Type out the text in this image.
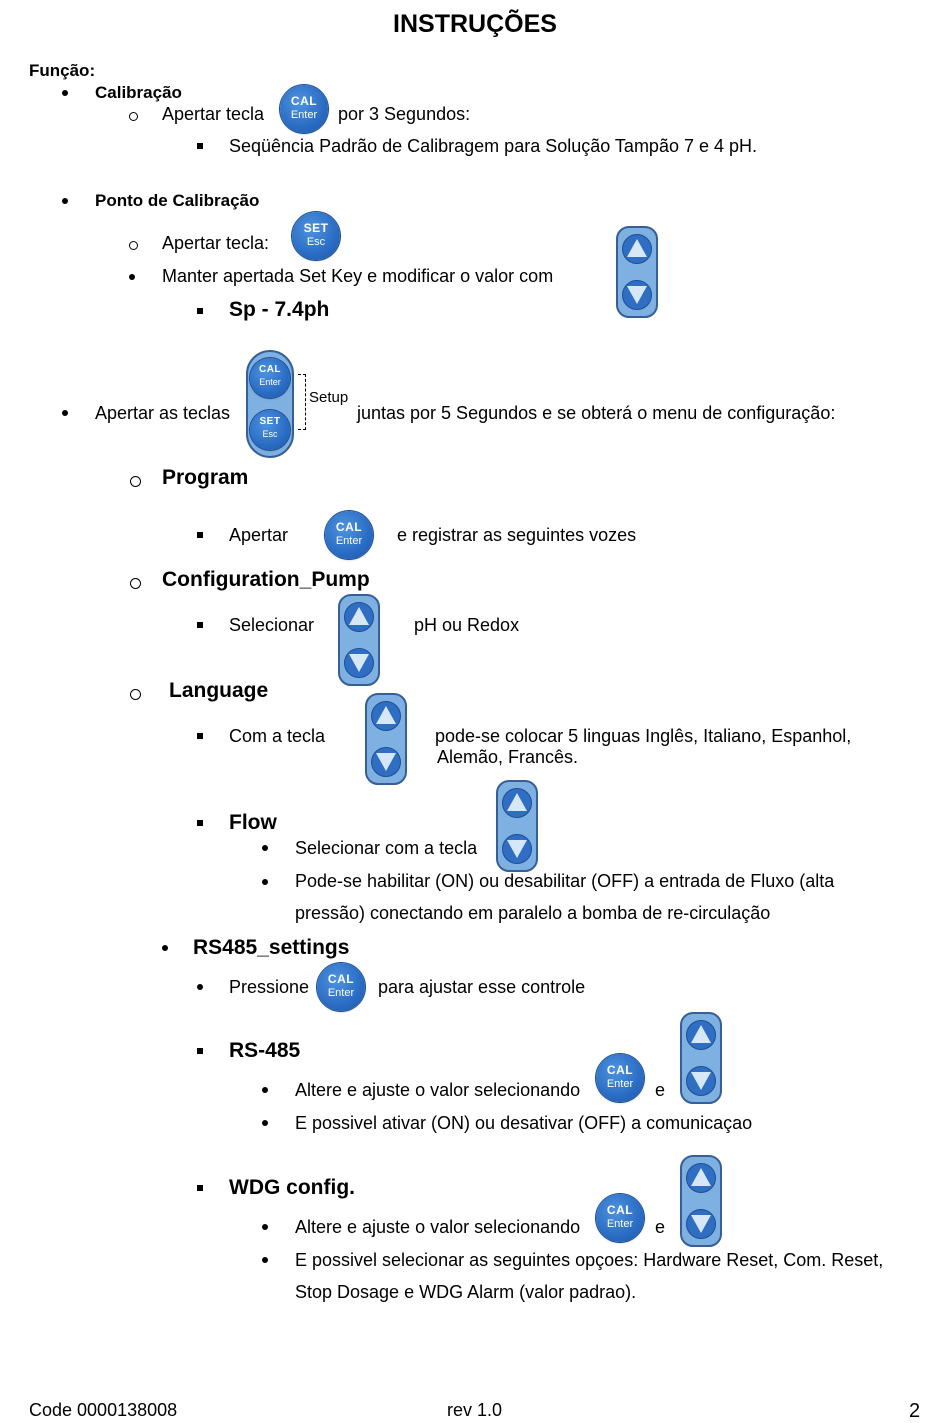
INSTRUÇÕES
Função:
Calibração
Apertar tecla
CAL
Enter	por 3 Segundos:
Seqüência Padrão de Calibragem para Solução Tampão 7 e 4 pH.
Ponto de Calibração
Apertar tecla:
SET
Esc
Manter apertada Set Key e modificar o valor com
Sp - 7.4ph
Apertar as teclas
CAL
Enter
SET
Esc
Setup
juntas por 5 Segundos e se obterá o menu de configuração:
Program
Apertar	CAL
Enter	e registrar as seguintes vozes
Configuration_Pump
Selecionar	pH ou Redox
Language
Com a tecla	pode-se colocar 5 linguas Inglês, Italiano, Espanhol,
Alemão, Francês.
Flow
Selecionar com a tecla
Pode-se habilitar (ON) ou desabilitar (OFF) a entrada de Fluxo (alta
pressão) conectando em paralelo a bomba de re-circulação
RS485_settings
Pressione	CAL
Enter	para ajustar esse controle
RS-485
Altere e ajuste o valor selecionando
CAL
Enter	e
E possivel ativar (ON) ou desativar (OFF) a comunicaçao
WDG config.
Altere e ajuste o valor selecionando
CAL
Enter	e
E possivel selecionar as seguintes opçoes: Hardware Reset, Com. Reset,
Stop Dosage e WDG Alarm (valor padrao).
Code 0000138008	rev 1.0	2
